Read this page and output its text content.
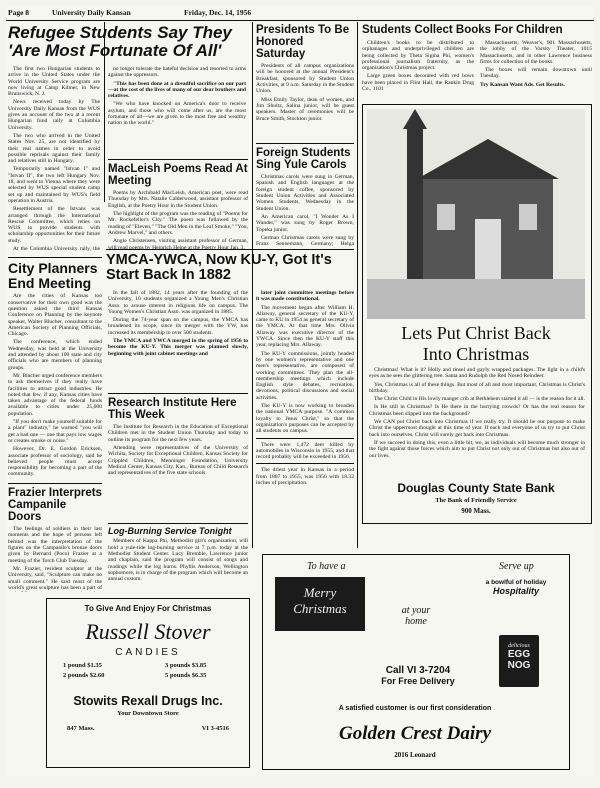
Page 8	University Daily Kansan	Friday, Dec. 14, 1956
Refugee Students Say They 'Are Most Fortunate Of All'

The first two Hungarian students to arrive in the United States under the World University Service program are now living at Camp Kilmer, in New Brunswick, N. J.

News received today by The University Daily Kansan from the WUS gives an account of the two at a recent Hungarian fund rally at Columbia University.

The two who arrived in the United States Nov. 25, are not identified by their real names in order to avoid possible reprisals against their family and relatives still in Hungary.

Temporarily named "Istvan I" and "Istvan II", the two left Hungary Nov. 18, and went to Vienna where they were selected by WUS special student camp set up and maintained by WUS's field operation in Austria.

Resettlement of the Istvans was arranged through the International Rescue Committee, which relies on WUS to provide students with scholarship opportunities for their future study.

At the Columbia University rally, the

no longer tolerate the hateful decision and resorted to arms against the oppressors.

"This has been done at a dreadful sacrifice on our part—at the cost of the lives of many of our dear brothers and relatives.

"We who have knocked on America's door to receive asylum, and those who will come after us, are the most fortunate of all—we are given to the most free and wealthy nation in the world."

MacLeish Poems Read At Meeting

Poems by Archibald MacLeish, American poet, were read Thursday by Mrs. Natalie Calderwood, assistant professor of English, at the Poetry Hour in the Student Union.

The highlight of the program was the reading of "Poems for Mr. Rockefeller's City." The poem was followed by the reading of "Eleven," "The Old Men in the Leaf Smoke," "You, Andrew Marvel," and others.

Angie Christensen, visiting assistant professor of German, will read poems by Heinrich Heine at the Poetry Hour Jan. 3.

City Planners End Meeting

Are the cities of Kansas too conservative for their own good was the question asked the third Kansas Conference on Planning by the keynote speaker, Walter Blucher, consultant to the American Society of Planning Officials, Chicago.

The conference, which ended Wednesday, was held at the University and attended by about 100 state and city officials who are members of planning groups.

Mr. Blucher urged conference members to ask themselves if they really have facilities to attract good industries. He noted that few, if any, Kansas cities have taken advantage of the federal funds available to cities under 25,000 population.

"If you don't make yourself suitable for a plant" industry," he warned "you will get a bad one — one that pays low wages or creates smoke or noise."

However, Dr. E. Gordon Ericksen, associate professor of sociology, said he believed people must accept responsibility for becoming a part of the community.

Frazier Interprets Campanile Doors

The feelings of soldiers in their last moments and the hope of persons left behind was the interpretation of the figures on the Campanile's bronze doors given by Bernard (Poco) Frazier at a meeting of the Torch Club Tuesday.

Mr. Frazier, resident sculptor at the University, said, "Sculpture can make no small comment." He said most of the world's great sculpture has been a part of

YMCA-YWCA, Now KU-Y, Got It's Start Back In 1882

In the fall of 1882, 14 years after the founding of the University, 10 students organized a Young Men's Christian Assn. to arouse interest in religious life on campus. The Young Women's Christian Assn. was organized in 1885.

During the 74-year span on the campus, the YMCA has broadened its scope, since its merger with the YW, has increased its membership to over 500 students.

The YMCA and YWCA merged in the spring of 1956 to become the KU-Y. This merger was planned slowly, beginning with joint cabinet meetings and

later joint committee meetings before it was made constitutional.

The movement began after William H. Allaway, general secretary of the KU-Y, came to KU in 1954 as general secretary of the YMCA. At that time Mrs. Olivia Allaway was executive director of the YWCA. Since then the KU-Y staff this year, replacing Mrs. Allaway.

The KU-Y commissions, jointly headed by one women's representative and one men's representative, are composed of working committees. They plan the all-membership meetings which include English style debates, recreation, devotions, political discussions and social activities.

The KU-Y is now working to broaden the national YMCA purpose. "A common loyalty to Jesus Christ," so that the organization's purposes can be accepted by all students on campus.

There were 1,472 deer killed by automobiles in Wisconsin in 1955, and that record probably will be exceeded in 1956.

The driest year in Kansas in a period from 1887 to 1955, was 1956 with 18.32 inches of precipitation.

Research Institute Here This Week

The Institute for Research in the Education of Exceptional Children met in the Student Union Thursday and today to outline its program for the next few years.

Attending were representatives of the University of Wichita, Society for Exceptional Children, Kansas Society for Crippled Children, Menninger Foundation, University Medical Center, Kansas City, Kan., Bureau of Child Research and representatives of the five state schools.

Log-Burning Service Tonight

Members of Kappa Phi, Methodist girl's organization, will hold a yule-tide log-burning service at 7 p.m. today at the Methodist Student Center. Lucy Bremble, Lawrence junior and chaplain, said the program will consist of songs and readings while the log burns. Phyllis Anderson, Wellington sophomore, is in charge of the program which will become an annual custom.

Presidents To Be Honored Saturday

Presidents of all campus organizations will be honored at the annual President's Breakfast, sponsored by Student Union Activities, at 9 a.m. Saturday in the Student Union.

Miss Emily Taylor, dean of women, and Jim Shultz, Salina junior, will be guest speakers. Master of ceremonies will be Bruce Smith, Stockton junior.

Foreign Students Sing Yule Carols

Christmas carols were sung in German, Spanish and English languages at the foreign student coffee, sponsored by Student Union Activities and Associated Women Students, Wednesday in the Student Union.

An American carol, "I Wonder As I Wander," was sung by Roger Brown, Topeka junior.

German Christmas carols were sung by Franz Sennemann, Germany; Helga

Students Collect Books For Children

Children's books to be distributed to orphanages and underprivileged children are being collected by Theta Sigma Phi, women's professional journalism fraternity, as the organization's Christmas project.

Large green boxes decorated with red bows have been placed in Flint Hall, the Rankin Drug Co., 1101

Massachusetts; Weaver's, 901 Massachusetts, the lobby of the Varsity Theater, 1015 Massachusetts, and in other Lawrence business firms for collection of the books.

The boxes will remain downtown until Tuesday.

Try Kansan Want Ads. Get Results.

Lets Put Christ Back
Into Christmas

Christmas! What is it? Holly and tinsel and gayly wrapped packages. The light in a child's eyes as he sees the glittering tree. Santa and Rudolph the Red Nosed Reindeer.

Yes, Christmas is all of these things. But most of all and most important, Christmas is Christ's birthday.

The Christ Child in His lowly manger crib at Bethlehem started it all — is the reason for it all.

Is He still in Christmas? Is He there in the hurrying crowds? Or has the real reason for Christmas been slipped into the background?

We CAN put Christ back into Christmas if we really try. It should be our purpose to make Christ the uppermost thought at this time of year. If each and everyone of us try to put Christ back into ourselves, Christ will surely get back into Christmas.

If we succeed in doing this, even a little bit, we, as individuals will become much stronger in the fight against those forces which aim to put Christ not only out of Christmas but also out of our lives.

Douglas County State Bank
The Bank of Friendly Service
900 Mass.
To Give And Enjoy For Christmas
Russell Stover
CANDIES
1 pound $1.35
2 pounds $2.60
3 pounds $3.85
5 pounds $6.35
Stowits Rexall Drugs Inc.
Your Downtown Store
847 Mass.	VI 3-4516
To have a
Merry
Christmas	at your
home
Serve up
a bowlful of holiday
Hospitality
delicious
EGG
NOG
Call VI 3-7204
For Free Delivery
A satisfied customer is our first consideration
Golden Crest Dairy
2016 Leonard
